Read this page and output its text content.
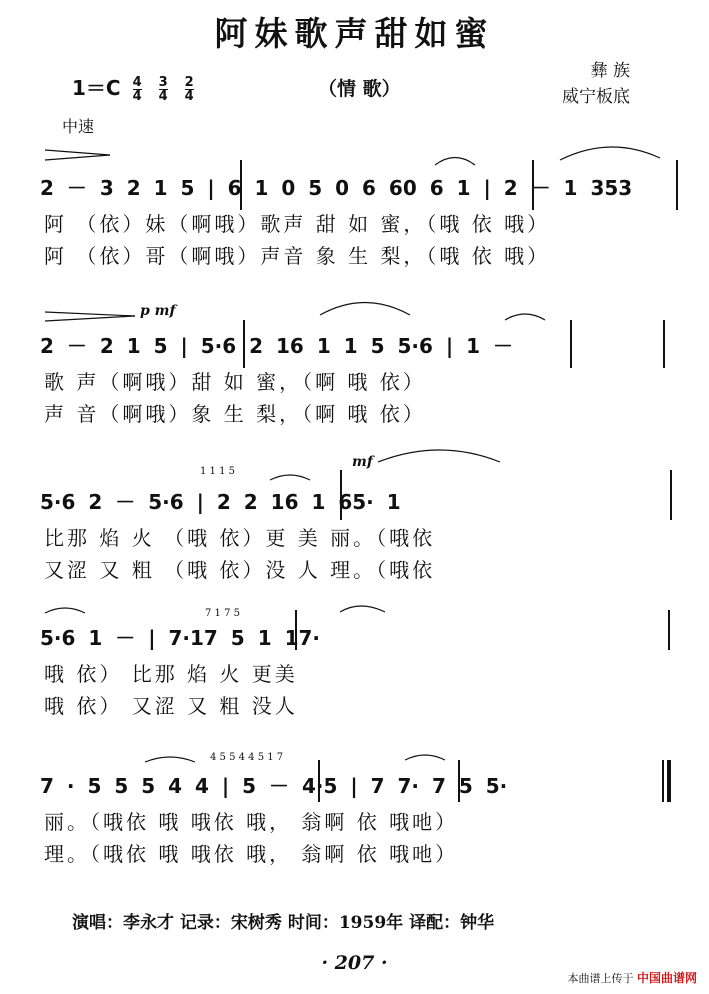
阿妹歌声甜如蜜
$1=C \frac{4}{4}$
$\frac{3}{4}$
$\frac{2}{4}$	（情 歌）
彝 族
威宁板底
中速
2 － 3 2 1 5 | 6 1 0 5 0 6 60 6 1 | 2 － 1 353
阿 （依）妹（啊哦）歌声 甜 如 蜜，（哦 依 哦）
阿 （依）哥（啊哦）声音 象 生 梨，（哦 依 哦）
p mf
2 － 2 1 5 | 5·6 2 16 1 1 5 5·6 | 1 －
歌 声（啊哦）甜 如 蜜，（啊 哦 依）
声 音（啊哦）象 生 梨，（啊 哦 依）
1 1 1 5
mf
5·6 2 － 5·6 | 2 2 16 1 65· 1
比那 焰 火 （哦 依）更 美 丽。（哦依
又涩 又 粗 （哦 依）没 人 理。（哦依
7 1 7 5
5·6 1 － | 7·17 5 1 17·
哦 依） 比那 焰 火 更美
哦 依） 又涩 又 粗 没人
4 5 5 4 4 5 1 7
7 · 5 5 5 4 4 | 5 － 4·5 | 7 7· 7 5 5·
丽。（哦依 哦 哦依 哦， 翁啊 依 哦吔）
理。（哦依 哦 哦依 哦， 翁啊 依 哦吔）
演唱：李永才 记录：宋树秀 时间：1959年 译配：钟华
· 207 ·
本曲谱上传于 中国曲谱网
